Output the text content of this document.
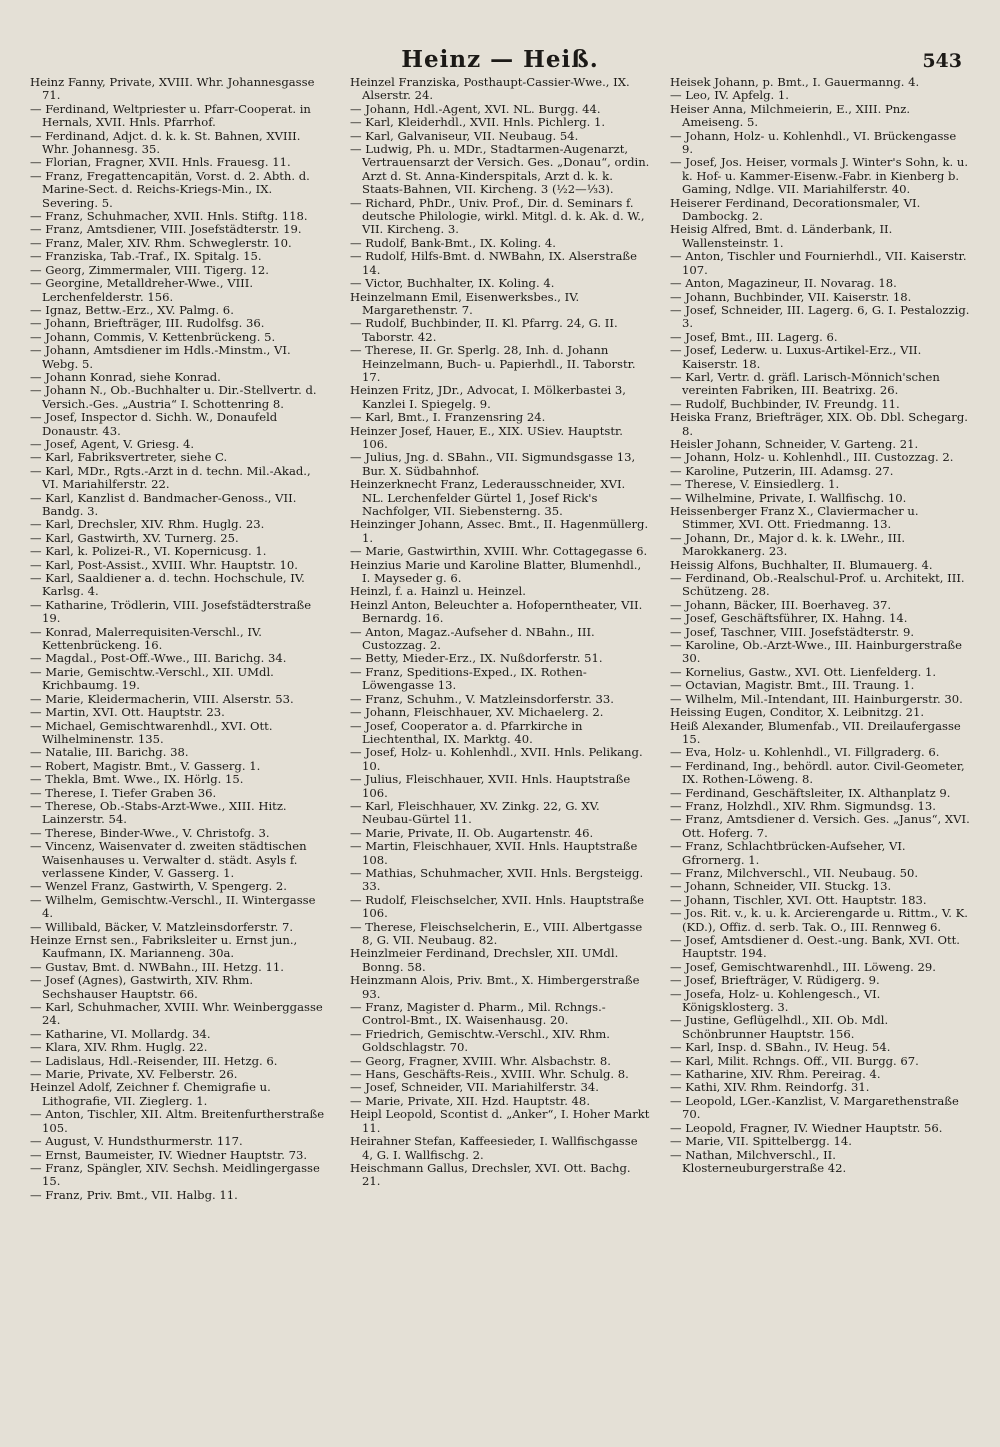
Heinz — Heiß.	543

Heinz Fanny, Private, XVIII. Whr. Johannesgasse 71.

— Ferdinand, Weltpriester u. Pfarr-Cooperat. in Hernals, XVII. Hnls. Pfarrhof.

— Ferdinand, Adjct. d. k. k. St. Bahnen, XVIII. Whr. Johannesg. 35.

— Florian, Fragner, XVII. Hnls. Frauesg. 11.

— Franz, Fregattencapitän, Vorst. d. 2. Abth. d. Marine-Sect. d. Reichs-Kriegs-Min., IX. Severing. 5.

— Franz, Schuhmacher, XVII. Hnls. Stiftg. 118.

— Franz, Amtsdiener, VIII. Josefstädterstr. 19.

— Franz, Maler, XIV. Rhm. Schweglerstr. 10.

— Franziska, Tab.-Traf., IX. Spitalg. 15.

— Georg, Zimmermaler, VIII. Tigerg. 12.

— Georgine, Metalldreher-Wwe., VIII. Lerchenfelderstr. 156.

— Ignaz, Bettw.-Erz., XV. Palmg. 6.

— Johann, Briefträger, III. Rudolfsg. 36.

— Johann, Commis, V. Kettenbrückeng. 5.

— Johann, Amtsdiener im Hdls.-Minstm., VI. Webg. 5.

— Johann Konrad, siehe Konrad.

— Johann N., Ob.-Buchhalter u. Dir.-Stellvertr. d. Versich.-Ges. „Austria“ I. Schottenring 8.

— Josef, Inspector d. Sichh. W., Donaufeld Donaustr. 43.

— Josef, Agent, V. Griesg. 4.

— Karl, Fabriksvertreter, siehe C.

— Karl, MDr., Rgts.-Arzt in d. techn. Mil.-Akad., VI. Mariahilferstr. 22.

— Karl, Kanzlist d. Bandmacher-Genoss., VII. Bandg. 3.

— Karl, Drechsler, XIV. Rhm. Huglg. 23.

— Karl, Gastwirth, XV. Turnerg. 25.

— Karl, k. Polizei-R., VI. Kopernicusg. 1.

— Karl, Post-Assist., XVIII. Whr. Hauptstr. 10.

— Karl, Saaldiener a. d. techn. Hochschule, IV. Karlsg. 4.

— Katharine, Trödlerin, VIII. Josefstädterstraße 19.

— Konrad, Malerrequisiten-Verschl., IV. Kettenbrückeng. 16.

— Magdal., Post-Off.-Wwe., III. Barichg. 34.

— Marie, Gemischtw.-Verschl., XII. UMdl. Krichbaumg. 19.

— Marie, Kleidermacherin, VIII. Alserstr. 53.

— Martin, XVI. Ott. Hauptstr. 23.

— Michael, Gemischtwarenhdl., XVI. Ott. Wilhelminenstr. 135.

— Natalie, III. Barichg. 38.

— Robert, Magistr. Bmt., V. Gasserg. 1.

— Thekla, Bmt. Wwe., IX. Hörlg. 15.

— Therese, I. Tiefer Graben 36.

— Therese, Ob.-Stabs-Arzt-Wwe., XIII. Hitz. Lainzerstr. 54.

— Therese, Binder-Wwe., V. Christofg. 3.

— Vincenz, Waisenvater d. zweiten städtischen Waisenhauses u. Verwalter d. städt. Asyls f. verlassene Kinder, V. Gasserg. 1.

— Wenzel Franz, Gastwirth, V. Spengerg. 2.

— Wilhelm, Gemischtw.-Verschl., II. Wintergasse 4.

— Willibald, Bäcker, V. Matzleinsdorferstr. 7.

Heinze Ernst sen., Fabriksleiter u. Ernst jun., Kaufmann, IX. Marianneng. 30a.

— Gustav, Bmt. d. NWBahn., III. Hetzg. 11.

— Josef (Agnes), Gastwirth, XIV. Rhm. Sechshauser Hauptstr. 66.

— Karl, Schuhmacher, XVIII. Whr. Weinberggasse 24.

— Katharine, VI. Mollardg. 34.

— Klara, XIV. Rhm. Huglg. 22.

— Ladislaus, Hdl.-Reisender, III. Hetzg. 6.

— Marie, Private, XV. Felberstr. 26.

Heinzel Adolf, Zeichner f. Chemigrafie u. Lithografie, VII. Zieglerg. 1.

— Anton, Tischler, XII. Altm. Breitenfurtherstraße 105.

— August, V. Hundsthurmerstr. 117.

— Ernst, Baumeister, IV. Wiedner Hauptstr. 73.

— Franz, Spängler, XIV. Sechsh. Meidlingergasse 15.

— Franz, Priv. Bmt., VII. Halbg. 11.

Heinzel Franziska, Posthaupt-Cassier-Wwe., IX. Alserstr. 24.

— Johann, Hdl.-Agent, XVI. NL. Burgg. 44.

— Karl, Kleiderhdl., XVII. Hnls. Pichlerg. 1.

— Karl, Galvaniseur, VII. Neubaug. 54.

— Ludwig, Ph. u. MDr., Stadtarmen-Augenarzt, Vertrauensarzt der Versich. Ges. „Donau“, ordin. Arzt d. St. Anna-Kinderspitals, Arzt d. k. k. Staats-Bahnen, VII. Kircheng. 3 (½2—⅓3).

— Richard, PhDr., Univ. Prof., Dir. d. Seminars f. deutsche Philologie, wirkl. Mitgl. d. k. Ak. d. W., VII. Kircheng. 3.

— Rudolf, Bank-Bmt., IX. Koling. 4.

— Rudolf, Hilfs-Bmt. d. NWBahn, IX. Alserstraße 14.

— Victor, Buchhalter, IX. Koling. 4.

Heinzelmann Emil, Eisenwerksbes., IV. Margarethenstr. 7.

— Rudolf, Buchbinder, II. Kl. Pfarrg. 24, G. II. Taborstr. 42.

— Therese, II. Gr. Sperlg. 28, Inh. d. Johann Heinzelmann, Buch- u. Papierhdl., II. Taborstr. 17.

Heinzen Fritz, JDr., Advocat, I. Mölkerbastei 3, Kanzlei I. Spiegelg. 9.

— Karl, Bmt., I. Franzensring 24.

Heinzer Josef, Hauer, E., XIX. USiev. Hauptstr. 106.

— Julius, Jng. d. SBahn., VII. Sigmundsgasse 13, Bur. X. Südbahnhof.

Heinzerknecht Franz, Lederausschneider, XVI. NL. Lerchenfelder Gürtel 1, Josef Rick's Nachfolger, VII. Siebensterng. 35.

Heinzinger Johann, Assec. Bmt., II. Hagenmüllerg. 1.

— Marie, Gastwirthin, XVIII. Whr. Cottagegasse 6.

Heinzius Marie und Karoline Blatter, Blumenhdl., I. Mayseder g. 6.

Heinzl, f. a. Hainzl u. Heinzel.

Heinzl Anton, Beleuchter a. Hofoperntheater, VII. Bernardg. 16.

— Anton, Magaz.-Aufseher d. NBahn., III. Custozzag. 2.

— Betty, Mieder-Erz., IX. Nußdorferstr. 51.

— Franz, Speditions-Exped., IX. Rothen-Löwengasse 13.

— Franz, Schuhm., V. Matzleinsdorferstr. 33.

— Johann, Fleischhauer, XV. Michaelerg. 2.

— Josef, Cooperator a. d. Pfarrkirche in Liechtenthal, IX. Marktg. 40.

— Josef, Holz- u. Kohlenhdl., XVII. Hnls. Pelikang. 10.

— Julius, Fleischhauer, XVII. Hnls. Hauptstraße 106.

— Karl, Fleischhauer, XV. Zinkg. 22, G. XV. Neubau-Gürtel 11.

— Marie, Private, II. Ob. Augartenstr. 46.

— Martin, Fleischhauer, XVII. Hnls. Hauptstraße 108.

— Mathias, Schuhmacher, XVII. Hnls. Bergsteigg. 33.

— Rudolf, Fleischselcher, XVII. Hnls. Hauptstraße 106.

— Therese, Fleischselcherin, E., VIII. Albertgasse 8, G. VII. Neubaug. 82.

Heinzlmeier Ferdinand, Drechsler, XII. UMdl. Bonng. 58.

Heinzmann Alois, Priv. Bmt., X. Himbergerstraße 93.

— Franz, Magister d. Pharm., Mil. Rchngs.-Control-Bmt., IX. Waisenhausg. 20.

— Friedrich, Gemischtw.-Verschl., XIV. Rhm. Goldschlagstr. 70.

— Georg, Fragner, XVIII. Whr. Alsbachstr. 8.

— Hans, Geschäfts-Reis., XVIII. Whr. Schulg. 8.

— Josef, Schneider, VII. Mariahilferstr. 34.

— Marie, Private, XII. Hzd. Hauptstr. 48.

Heipl Leopold, Scontist d. „Anker“, I. Hoher Markt 11.

Heirahner Stefan, Kaffeesieder, I. Wallfischgasse 4, G. I. Wallfischg. 2.

Heischmann Gallus, Drechsler, XVI. Ott. Bachg. 21.

Heisek Johann, p. Bmt., I. Gauermanng. 4.

— Leo, IV. Apfelg. 1.

Heiser Anna, Milchmeierin, E., XIII. Pnz. Ameiseng. 5.

— Johann, Holz- u. Kohlenhdl., VI. Brückengasse 9.

— Josef, Jos. Heiser, vormals J. Winter's Sohn, k. u. k. Hof- u. Kammer-Eisenw.-Fabr. in Kienberg b. Gaming, Ndlge. VII. Mariahilferstr. 40.

Heiserer Ferdinand, Decorationsmaler, VI. Dambockg. 2.

Heisig Alfred, Bmt. d. Länderbank, II. Wallensteinstr. 1.

— Anton, Tischler und Fournierhdl., VII. Kaiserstr. 107.

— Anton, Magazineur, II. Novarag. 18.

— Johann, Buchbinder, VII. Kaiserstr. 18.

— Josef, Schneider, III. Lagerg. 6, G. I. Pestalozzig. 3.

— Josef, Bmt., III. Lagerg. 6.

— Josef, Lederw. u. Luxus-Artikel-Erz., VII. Kaiserstr. 18.

— Karl, Vertr. d. gräfl. Larisch-Mönnich'schen vereinten Fabriken, III. Beatrixg. 26.

— Rudolf, Buchbinder, IV. Freundg. 11.

Heiska Franz, Briefträger, XIX. Ob. Dbl. Schegarg. 8.

Heisler Johann, Schneider, V. Garteng. 21.

— Johann, Holz- u. Kohlenhdl., III. Custozzag. 2.

— Karoline, Putzerin, III. Adamsg. 27.

— Therese, V. Einsiedlerg. 1.

— Wilhelmine, Private, I. Wallfischg. 10.

Heissenberger Franz X., Claviermacher u. Stimmer, XVI. Ott. Friedmanng. 13.

— Johann, Dr., Major d. k. k. LWehr., III. Marokkanerg. 23.

Heissig Alfons, Buchhalter, II. Blumauerg. 4.

— Ferdinand, Ob.-Realschul-Prof. u. Architekt, III. Schützeng. 28.

— Johann, Bäcker, III. Boerhaveg. 37.

— Josef, Geschäftsführer, IX. Hahng. 14.

— Josef, Taschner, VIII. Josefstädterstr. 9.

— Karoline, Ob.-Arzt-Wwe., III. Hainburgerstraße 30.

— Kornelius, Gastw., XVI. Ott. Lienfelderg. 1.

— Octavian, Magistr. Bmt., III. Traung. 1.

— Wilhelm, Mil.-Intendant, III. Hainburgerstr. 30.

Heissing Eugen, Conditor, X. Leibnitzg. 21.

Heiß Alexander, Blumenfab., VII. Dreilaufergasse 15.

— Eva, Holz- u. Kohlenhdl., VI. Fillgraderg. 6.

— Ferdinand, Ing., behördl. autor. Civil-Geometer, IX. Rothen-Löweng. 8.

— Ferdinand, Geschäftsleiter, IX. Althanplatz 9.

— Franz, Holzhdl., XIV. Rhm. Sigmundsg. 13.

— Franz, Amtsdiener d. Versich. Ges. „Janus“, XVI. Ott. Hoferg. 7.

— Franz, Schlachtbrücken-Aufseher, VI. Gfrornerg. 1.

— Franz, Milchverschl., VII. Neubaug. 50.

— Johann, Schneider, VII. Stuckg. 13.

— Johann, Tischler, XVI. Ott. Hauptstr. 183.

— Jos. Rit. v., k. u. k. Arcierengarde u. Rittm., V. K. (KD.), Offiz. d. serb. Tak. O., III. Rennweg 6.

— Josef, Amtsdiener d. Oest.-ung. Bank, XVI. Ott. Hauptstr. 194.

— Josef, Gemischtwarenhdl., III. Löweng. 29.

— Josef, Briefträger, V. Rüdigerg. 9.

— Josefa, Holz- u. Kohlengesch., VI. Königsklosterg. 3.

— Justine, Geflügelhdl., XII. Ob. Mdl. Schönbrunner Hauptstr. 156.

— Karl, Insp. d. SBahn., IV. Heug. 54.

— Karl, Milit. Rchngs. Off., VII. Burgg. 67.

— Katharine, XIV. Rhm. Pereirag. 4.

— Kathi, XIV. Rhm. Reindorfg. 31.

— Leopold, LGer.-Kanzlist, V. Margarethenstraße 70.

— Leopold, Fragner, IV. Wiedner Hauptstr. 56.

— Marie, VII. Spittelbergg. 14.

— Nathan, Milchverschl., II. Klosterneuburgerstraße 42.
